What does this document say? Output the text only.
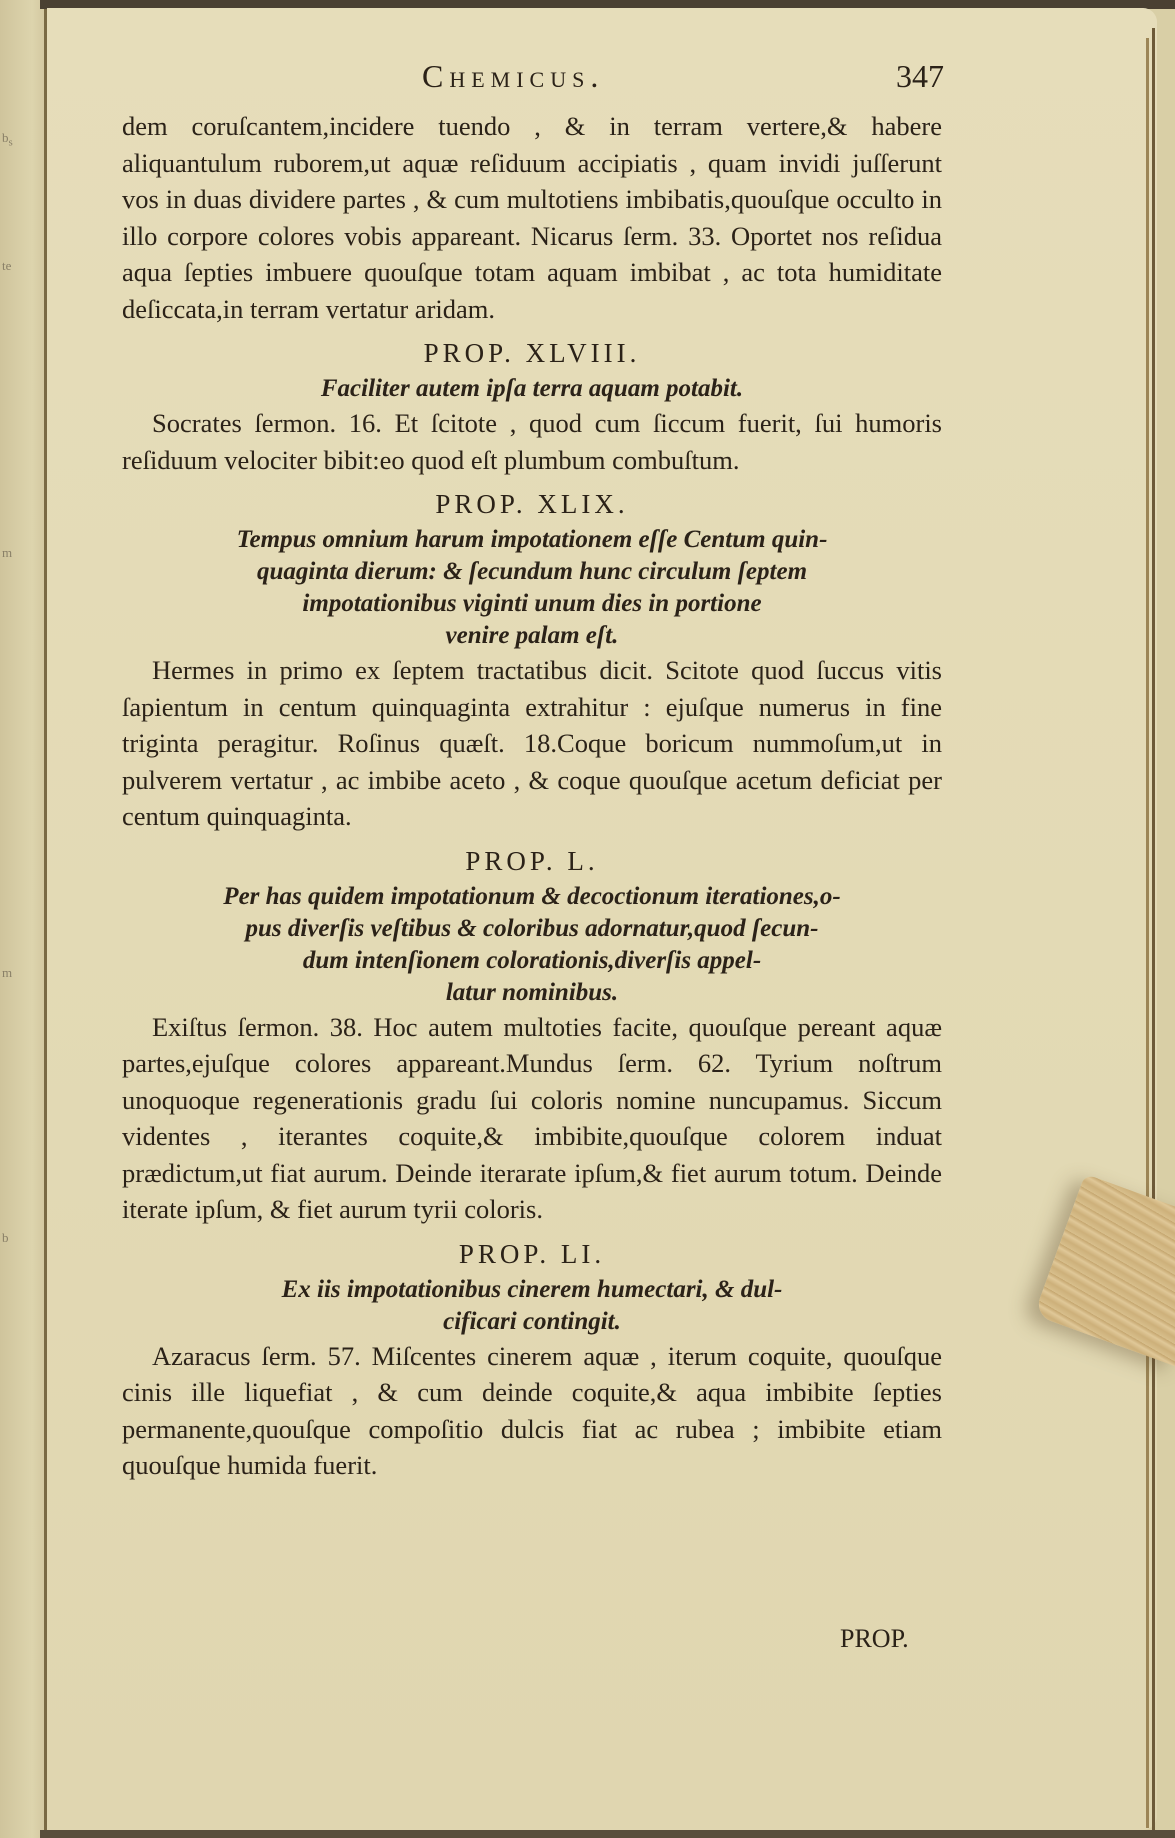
$b_s$
te
m
m
b
Chemicus.	347

dem coruſcantem,incidere tuendo , & in terram vertere,& habere aliquantulum ruborem,ut aquæ reſiduum accipiatis , quam invidi juſſerunt vos in duas dividere partes , & cum multotiens imbibatis,quouſque occulto in illo corpore colores vobis appareant. Nicarus ſerm. 33. Oportet nos reſidua aqua ſepties imbuere quouſque totam aquam imbibat , ac tota humiditate deſiccata,in terram vertatur aridam.

PROP. XLVIII.

Faciliter autem ipſa terra aquam potabit.

Socrates ſermon. 16. Et ſcitote , quod cum ſiccum fuerit, ſui humoris reſiduum velociter bibit:eo quod eſt plumbum combuſtum.

PROP. XLIX.

Tempus omnium harum impotationem eſſe Centum quin-

quaginta dierum: & ſecundum hunc circulum ſeptem

impotationibus viginti unum dies in portione

venire palam eſt.

Hermes in primo ex ſeptem tractatibus dicit. Scitote quod ſuccus vitis ſapientum in centum quinquaginta extrahitur : ejuſque numerus in fine triginta peragitur. Roſinus quæſt. 18.Coque boricum nummoſum,ut in pulverem vertatur , ac imbibe aceto , & coque quouſque acetum deficiat per centum quinquaginta.

PROP. L.

Per has quidem impotationum & decoctionum iterationes,o-

pus diverſis veſtibus & coloribus adornatur,quod ſecun-

dum intenſionem colorationis,diverſis appel-

latur nominibus.

Exiſtus ſermon. 38. Hoc autem multoties facite, quouſque pereant aquæ partes,ejuſque colores appareant.Mundus ſerm. 62. Tyrium noſtrum unoquoque regenerationis gradu ſui coloris nomine nuncupamus. Siccum videntes , iterantes coquite,& imbibite,quouſque colorem induat prædictum,ut fiat aurum. Deinde iterarate ipſum,& fiet aurum totum. Deinde iterate ipſum, & fiet aurum tyrii coloris.

PROP. LI.

Ex iis impotationibus cinerem humectari, & dul-

cificari contingit.

Azaracus ſerm. 57. Miſcentes cinerem aquæ , iterum coquite, quouſque cinis ille liquefiat , & cum deinde coquite,& aqua imbibite ſepties permanente,quouſque compoſitio dulcis fiat ac rubea ; imbibite etiam quouſque humida fuerit.

PROP.
